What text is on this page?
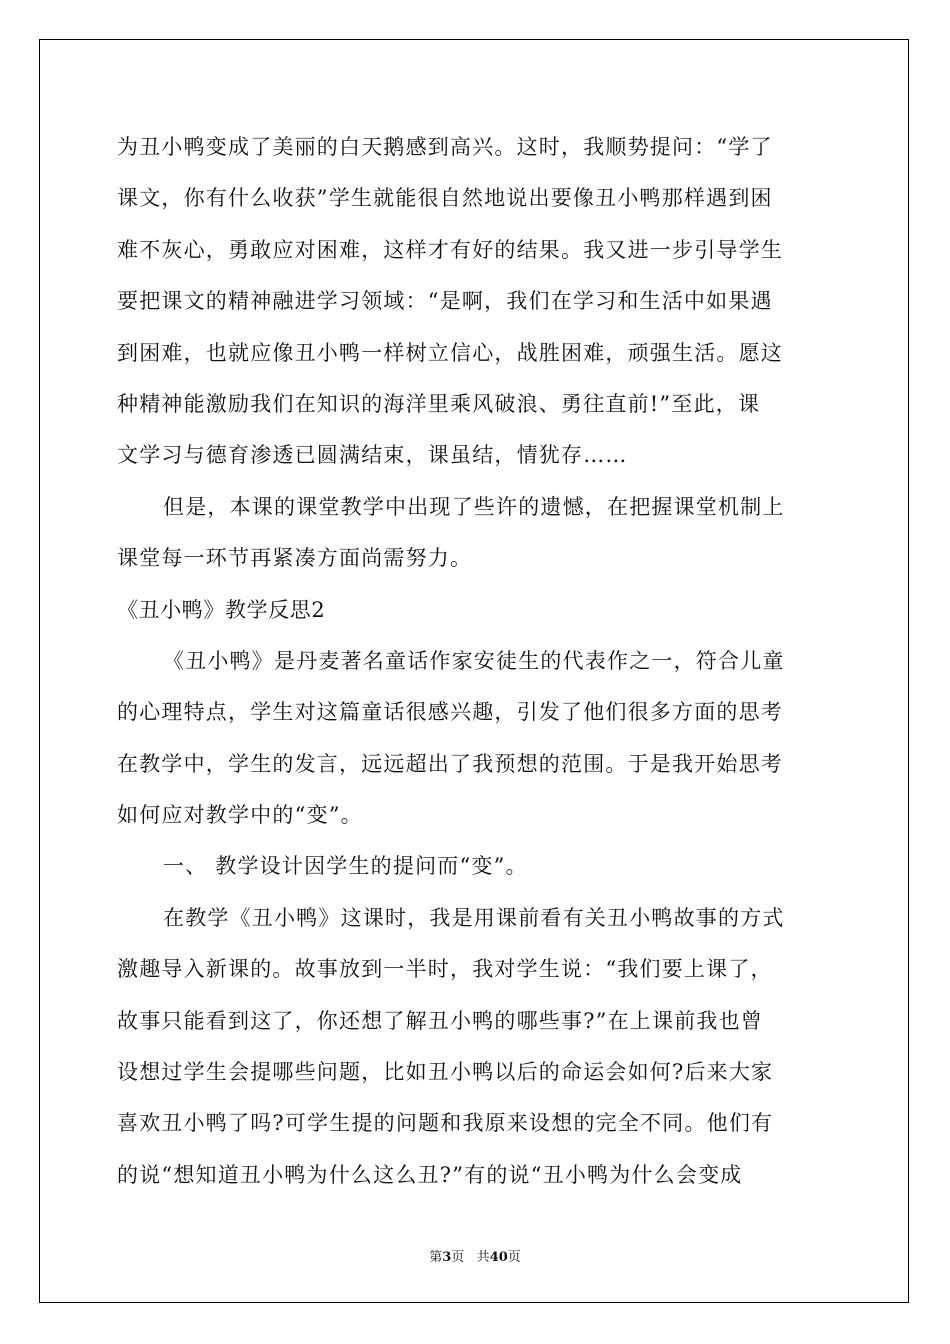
为丑小鸭变成了美丽的白天鹅感到高兴。这时，我顺势提问：“学了
课文，你有什么收获”学生就能很自然地说出要像丑小鸭那样遇到困
难不灰心，勇敢应对困难，这样才有好的结果。我又进一步引导学生
要把课文的精神融进学习领域：“是啊，我们在学习和生活中如果遇
到困难，也就应像丑小鸭一样树立信心，战胜困难，顽强生活。愿这
种精神能激励我们在知识的海洋里乘风破浪、勇往直前!”至此，课
文学习与德育渗透已圆满结束，课虽结，情犹存……
但是，本课的课堂教学中出现了些许的遗憾，在把握课堂机制上
课堂每一环节再紧凑方面尚需努力。
《丑小鸭》教学反思2
《丑小鸭》是丹麦著名童话作家安徒生的代表作之一，符合儿童
的心理特点，学生对这篇童话很感兴趣，引发了他们很多方面的思考
在教学中，学生的发言，远远超出了我预想的范围。于是我开始思考
如何应对教学中的“变”。
一、 教学设计因学生的提问而“变”。
在教学《丑小鸭》这课时，我是用课前看有关丑小鸭故事的方式
激趣导入新课的。故事放到一半时，我对学生说：“我们要上课了，
故事只能看到这了，你还想了解丑小鸭的哪些事?”在上课前我也曾
设想过学生会提哪些问题，比如丑小鸭以后的命运会如何?后来大家
喜欢丑小鸭了吗?可学生提的问题和我原来设想的完全不同。他们有
的说“想知道丑小鸭为什么这么丑?”有的说“丑小鸭为什么会变成
第3页 共40页
